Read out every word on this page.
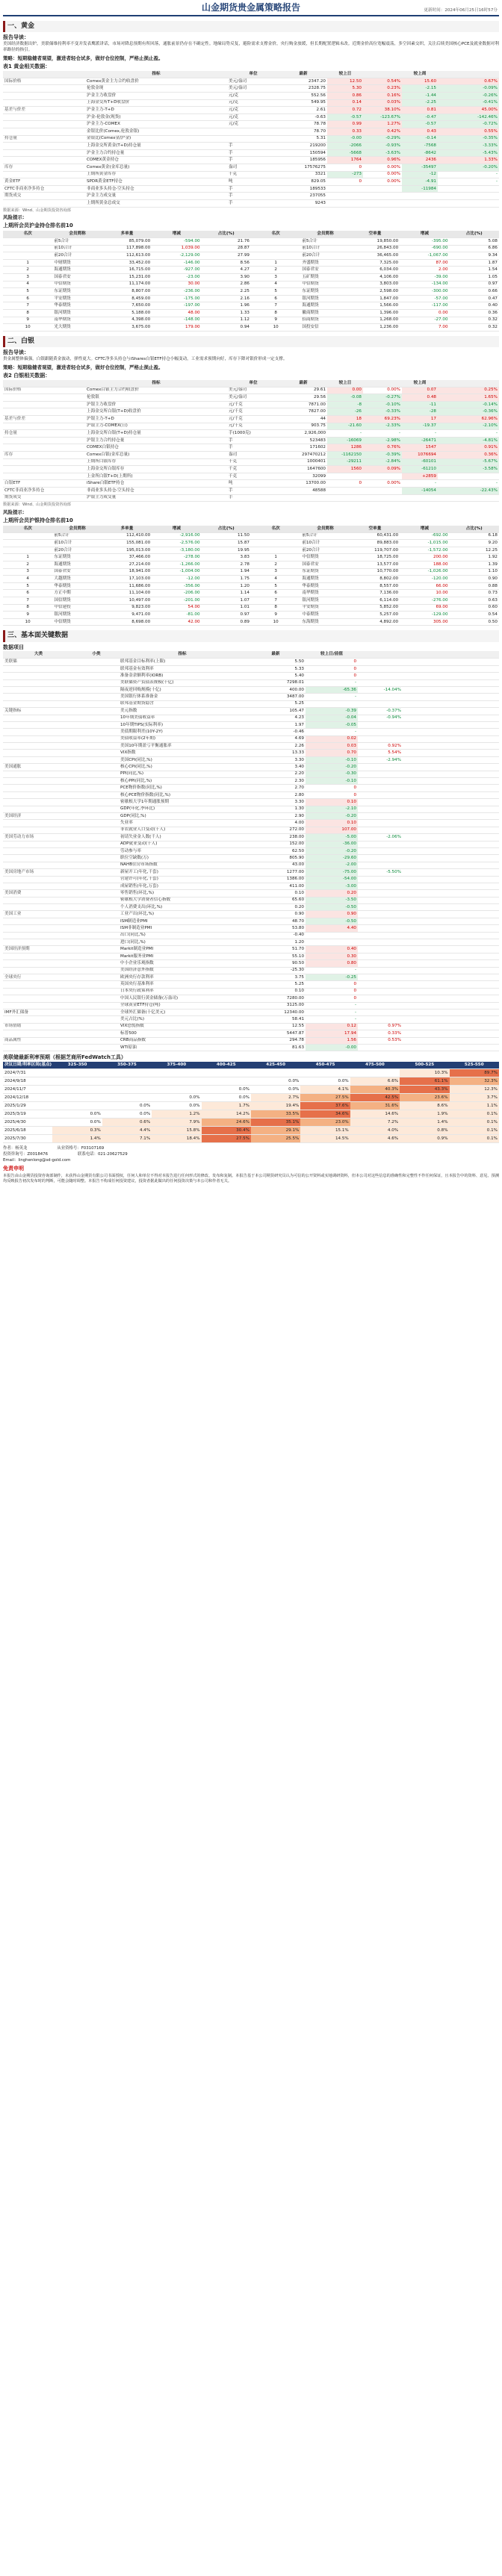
山金期货贵金属策略报告	更新时间：2024年06月25日16时57分
一、黄金
报告导读：
美国经济数据出炉，美联储维持利率不变并发表鹰派讲话，市场对降息预期有所回落，通胀前景仍存在不确定性。地缘局势反复，避险需求支撑金价，央行购金放缓，但长期配置逻辑未改。近期金价高位宽幅震荡，多空因素交织，关注后续美国核心PCE及就业数据对利率路径的指引。
策略：短期稳健者观望，激进者轻仓试多，做好仓位控制，严格止损止盈。
表1 黄金相关数据：
	指标	单位	最新	较上日		较上周	
国际价格	Comex黄金主力合约收盘价	美元/盎司	2347.20	12.50	0.54%	15.60	0.67%
	伦敦金现	美元/盎司	2328.75	5.30	0.23%	-2.15	-0.09%
	沪金主力收盘价	元/克	552.56	0.86	0.16%	-1.44	-0.26%
	上海金交所T+D收盘价	元/克	549.95	0.14	0.03%	-2.25	-0.41%
基差与价差	沪金主力-T+D	元/克	2.61	0.72	38.10%	0.81	45.00%
	沪金-伦敦金(现货)	元/克	-0.63	-0.57	-123.67%	-0.47	-142.46%
	沪金主力-COMEX	元/克	78.78	0.99	1.27%	-0.57	-0.72%
	金银比价(Comex,伦敦金银)		78.70	0.33	0.42%	0.43	0.55%
持仓量	金银比(Comex金/沪金)		5.31	-0.00	-0.29%	-0.14	-0.35%
	上海金交所黄金(T+D)持仓量	手	219200	-2066	-0.93%	-7568	-3.33%
	沪金主力合约持仓量	手	150594	-5668	-3.63%	-8642	-5.43%
	COMEX黄金持仓	手	185956	1764	0.96%	2436	1.33%
库存	Comex黄金(金库总量)	盎司	17576275	0	0.00%	-35497	-0.20%
	上期所黄金库存	千克	3321	-273	0.00%	-12	-
黄金ETF	SPDR黄金ETF持仓	吨	829.05	0	0.00%	-4.91	-
CFTC非商业净多持仓	非商业多头持仓-空头持仓	手	189533			-11984	
期货成交	沪金主力成交量	手	237055				
	上期所黄金总成交	手	9243				
数据来源：Wind、山金期货投资咨询部
风险提示：
上期所会员沪金持仓排名前10
名次	会员简称	多单量	增减	占比(%)	名次	会员简称	空单量	增减	占比(%)
	前5合计	85,079.00	-594.00	21.76		前5合计	19,850.00	-395.00	5.08
	前10合计	117,898.00	1,039.00	28.87		前10合计	26,843.00	-690.00	6.86
	前20合计	112,613.00	-2,129.00	27.99		前20合计	36,465.00	-1,067.00	9.34
1	中财期货	33,452.00	-146.00	8.56	1	齐盛期货	7,325.00	87.00	1.87
2	海通期货	16,715.00	-927.00	4.27	2	国泰君安	6,034.00	2.00	1.54
3	国泰君安	15,231.00	-23.00	3.90	3	五矿期货	4,106.00	-39.00	1.05
4	中信期货	11,174.00	30.00	2.86	4	中信期货	3,803.00	-134.00	0.97
5	东证期货	8,807.00	-236.00	2.25	5	东证期货	2,598.00	-300.00	0.66
6	平安期货	8,459.00	-175.00	2.16	6	银河期货	1,847.00	-57.00	0.47
7	华泰期货	7,650.00	-197.00	1.96	7	海通期货	1,566.00	-117.00	0.40
8	银河期货	5,188.00	48.00	1.33	8	徽商期货	1,396.00	0.00	0.36
9	南华期货	4,398.00	-148.00	1.12	9	招商期货	1,268.00	-27.00	0.32
10	光大期货	3,675.00	179.00	0.94	10	国投安信	1,236.00	7.00	0.32
二、白银
报告导读：
贵金属整体偏强，白银跟随黄金波动，弹性更大。CFTC净多头持仓与iShares白银ETF持仓小幅变动，工业需求预期向好，库存下降对银价形成一定支撑。
策略：短期稳健者观望，激进者轻仓试多，做好仓位控制，严格止损止盈。
表2 白银相关数据：
	指标	单位	最新	较上日		较上周	
国际价格	Comex白银主力合约收盘价	美元/盎司	29.61	0.00	0.00%	0.07	0.25%
	伦敦银	美元/盎司	29.56	-0.08	-0.27%	0.48	1.65%
	沪银主力收盘价	元/千克	7871.00	-8	-0.10%	-11	-0.14%
	上海金交所白银(T+D)收盘价	元/千克	7827.00	-26	-0.33%	-28	-0.36%
基差与价差	沪银主力-T+D	元/千克	44	18	69.23%	17	62.96%
	沪银主力-COMEX(日)	元/千克	903.75	-21.60	-2.33%	-19.37	-2.10%
持仓量	上海金交所白银(T+D)持仓量	手(1000克)	2,926,000	-	-	-	-
	沪银主力合约持仓量	手	523483	-16069	-2.98%	-26471	-4.81%
	COMEX白银持仓	手	171602	1286	0.76%	1547	0.91%
库存	Comex白银(金库总量)	盎司	297470212	-1162150	-0.39%	1076694	0.36%
	上期所白银库存	千克	1000401	-29211	-2.84%	-60101	-5.67%
	上海金交所白银库存	千克	1647600	1560	0.09%	-61210	-3.58%
	上金所白银T+D(上期所)	千克	32099			+2859	
白银ETF	iShare白银ETF持仓	吨	13700.00	0	0.00%	-	-
CFTC非商业净多持仓	非商业多头持仓-空头持仓	手	48588			-14054	-22.43%
期货成交	沪银主力成交量	手					
数据来源：Wind、山金期货投资咨询部
风险提示：
上期所会员沪银持仓排名前10
名次	会员简称	多单量	增减	占比(%)	名次	会员简称	空单量	增减	占比(%)
	前5合计	112,410.00	-2,916.00	11.50		前5合计	60,431.00	-692.00	6.18
	前10合计	155,081.00	-2,576.00	15.87		前10合计	89,883.00	-1,015.00	9.20
	前20合计	195,013.00	-3,180.00	19.95		前20合计	119,707.00	-1,572.00	12.25
1	东证期货	37,466.00	-278.00	3.83	1	中信期货	18,725.00	200.00	1.92
2	海通期货	27,214.00	-1,266.00	2.78	2	国泰君安	13,577.00	188.00	1.39
3	国泰君安	18,941.00	-1,004.00	1.94	3	东证期货	10,770.00	-1,026.00	1.10
4	大越期货	17,103.00	-12.00	1.75	4	海通期货	8,802.00	-120.00	0.90
5	华泰期货	11,686.00	-356.00	1.20	5	华泰期货	8,557.00	66.00	0.88
6	方正中期	11,104.00	-206.00	1.14	6	南华期货	7,136.00	10.00	0.73
7	国信期货	10,497.00	-201.00	1.07	7	银河期货	6,114.00	-276.00	0.63
8	中信建投	9,823.00	54.00	1.01	8	平安期货	5,852.00	69.00	0.60
9	银河期货	9,471.00	-81.00	0.97	9	中泰期货	5,257.00	-129.00	0.54
10	中信期货	8,698.00	42.00	0.89	10	东海期货	4,892.00	305.00	0.50
三、基本面关键数据
数据项目
大类	小类	指标	最新	较上日/前值		
美联储		联邦基金目标利率(上限)	5.50	0		
		联邦基金有效利率	5.33	0		
		准备金余额利率(IORB)	5.40	0		
		美联储资产负债表规模(十亿)	7298.01	-		
		隔夜逆回购规模(十亿)	400.00	-65.36	-14.04%	
		美国银行体系准备金	3487.00	-		
		联邦基金期货隐含	5.25			
关键指标		美元指数	105.47	-0.39	-0.37%	
		10年期美债收益率	4.23	-0.04	-0.94%	
		10年期TIPS(实际利率)	1.97	-0.05		
		美债期限利差(10Y-2Y)	-0.46	-		
		美债收益率(2年期)	4.69	0.02		
		美国10年期盈亏平衡通胀率	2.26	0.03	0.92%	
		VIX指数	13.33	0.70	5.54%	
		美国CPI(同比,%)	3.30	-0.10	-2.94%	
美国通胀		核心CPI(同比,%)	3.40	-0.20		
		PPI(同比,%)	2.20	-0.30		
		核心PPI(同比,%)	2.30	-0.10		
		PCE物价指数(同比,%)	2.70	0		
		核心PCE物价指数(同比,%)	2.80	0		
		密歇根大学1年期通胀预期	3.30	0.10		
		GDP(年化,季环比)	1.30	-2.10		
美国经济		GDP(同比,%)	2.90	-0.20		
		失业率	4.00	0.10		
		非农就业人口变动(千人)	272.00	107.00		
美国劳动力市场		初请失业金人数(千人)	238.00	-5.00	-2.06%	
		ADP就业变动(千人)	152.00	-36.00		
		劳动参与率	62.50	-0.20		
		职位空缺数(万)	805.90	-29.60		
		NAHB住房市场指数	43.00	-2.00		
美国房地产市场		新屋开工(年化,千套)	1277.00	-75.00	-5.50%	
		营建许可(年化,千套)	1386.00	-54.00		
		成屋销售(年化,万套)	411.00	-3.00		
美国消费		零售销售(环比,%)	0.10	0.20		
		密歇根大学消费者信心指数	65.60	-3.50		
		个人消费支出(环比,%)	0.20	-0.50		
美国工业		工业产出(环比,%)	0.90	0.90		
		ISM制造业PMI	48.70	-0.50		
		ISM非制造业PMI	53.80	4.40		
		出口(同比,%)	-0.40			
		进口(同比,%)	1.20			
美国经济预期		Markit制造业PMI	51.70	0.40		
		Markit服务业PMI	55.10	0.30		
		中小企业乐观指数	90.50	0.80		
		美国经济意外指数	-25.30	-		
全球央行		欧洲央行存款利率	3.75	-0.25		
		英国央行基准利率	5.25	0		
		日本央行政策利率	0.10	0		
		中国人民银行黄金储备(万盎司)	7280.00	0		
		全球黄金ETF持仓(吨)	3125.00	-		
IMF外汇储备		全球外汇储备(十亿美元)	12340.00	-		
		美元占比(%)	58.41	-		
市场情绪		VIX恐慌指数	12.55	0.12	0.97%	
		标普500	5447.87	17.94	0.33%	
商品属性		CRB商品指数	294.78	1.56	0.53%	
		WTI原油	81.63	-0.00		
美联储最新利率预期（根据芝商所FedWatch工具）
决议日期/利率区间(基点)	325-350	350-375	375-400	400-425	425-450	450-475	475-500	500-525	525-550
2024/7/31								10.3%	89.7%
2024/9/18					0.0%	0.0%	6.6%	61.1%	32.3%
2024/11/7				0.0%	0.0%	4.1%	40.3%	43.3%	12.3%
2024/12/18			0.0%	0.0%	2.7%	27.5%	42.5%	23.6%	3.7%
2025/1/29		0.0%	0.0%	1.7%	19.4%	37.6%	31.6%	8.6%	1.1%
2025/3/19	0.0%	0.0%	1.2%	14.2%	33.5%	34.6%	14.6%	1.9%	0.1%
2025/4/30	0.0%	0.6%	7.9%	24.6%	35.1%	23.0%	7.2%	1.4%	0.1%
2025/6/18	0.3%	4.4%	15.8%	30.4%	29.1%	15.1%	4.0%	0.8%	0.1%
2025/7/30	1.4%	7.1%	18.4%	27.5%	25.5%	14.5%	4.6%	0.9%	0.1%
作者：杨英龙	从业资格号：F03107169
投资咨询号：Z0018476	联系电话：021-20627529
Email：linghenlong@sd-gold.com
免责申明
本报告由山金期货投资咨询部制作，未获得山金期货有限公司书面授权，任何人和单位不得对本报告进行任何形式的修改、发布和复制。本报告基于本公司期货研究员认为可信的公开资料或实地调研资料，但本公司对这些信息的准确性和完整性不作任何保证，且本报告中的资料、意见、预测均反映报告初次发布时的判断，可能会随时调整。本报告不构成任何投资建议，投资者据此做出的任何投资决策与本公司和作者无关。
